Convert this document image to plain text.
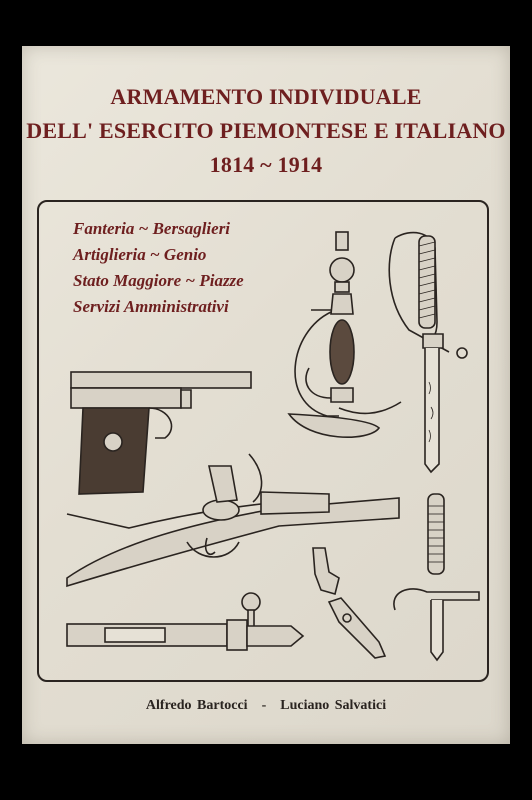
ARMAMENTO INDIVIDUALE
DELL' ESERCITO PIEMONTESE E ITALIANO
1814 ~ 1914
Fanteria ~ Bersaglieri
Artiglieria ~ Genio
Stato Maggiore ~ Piazze
Servizi Amministrativi
Alfredo Bartocci - Luciano Salvatici
